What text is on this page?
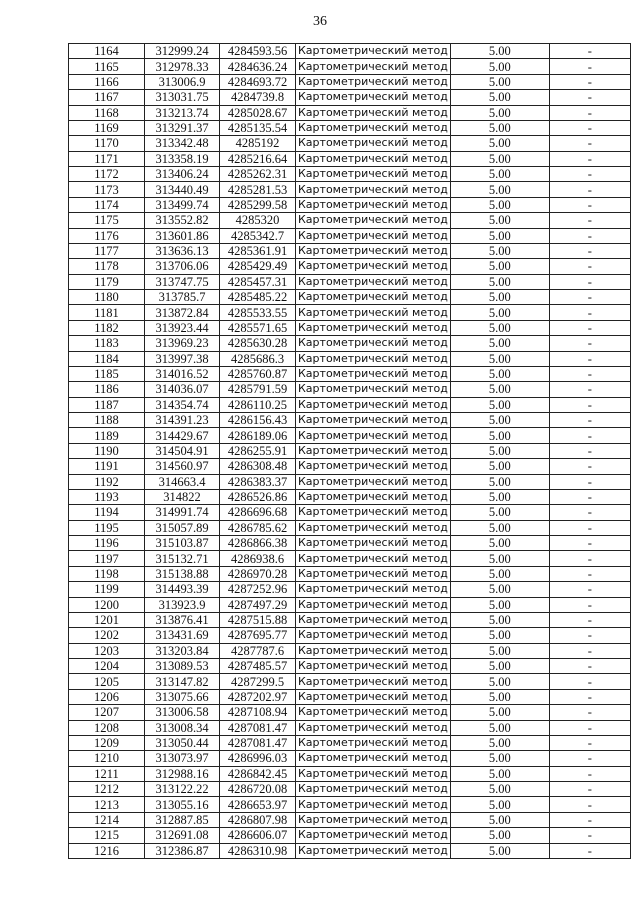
36
1164	312999.24	4284593.56	Картометрический метод	5.00	-
1165	312978.33	4284636.24	Картометрический метод	5.00	-
1166	313006.9	4284693.72	Картометрический метод	5.00	-
1167	313031.75	4284739.8	Картометрический метод	5.00	-
1168	313213.74	4285028.67	Картометрический метод	5.00	-
1169	313291.37	4285135.54	Картометрический метод	5.00	-
1170	313342.48	4285192	Картометрический метод	5.00	-
1171	313358.19	4285216.64	Картометрический метод	5.00	-
1172	313406.24	4285262.31	Картометрический метод	5.00	-
1173	313440.49	4285281.53	Картометрический метод	5.00	-
1174	313499.74	4285299.58	Картометрический метод	5.00	-
1175	313552.82	4285320	Картометрический метод	5.00	-
1176	313601.86	4285342.7	Картометрический метод	5.00	-
1177	313636.13	4285361.91	Картометрический метод	5.00	-
1178	313706.06	4285429.49	Картометрический метод	5.00	-
1179	313747.75	4285457.31	Картометрический метод	5.00	-
1180	313785.7	4285485.22	Картометрический метод	5.00	-
1181	313872.84	4285533.55	Картометрический метод	5.00	-
1182	313923.44	4285571.65	Картометрический метод	5.00	-
1183	313969.23	4285630.28	Картометрический метод	5.00	-
1184	313997.38	4285686.3	Картометрический метод	5.00	-
1185	314016.52	4285760.87	Картометрический метод	5.00	-
1186	314036.07	4285791.59	Картометрический метод	5.00	-
1187	314354.74	4286110.25	Картометрический метод	5.00	-
1188	314391.23	4286156.43	Картометрический метод	5.00	-
1189	314429.67	4286189.06	Картометрический метод	5.00	-
1190	314504.91	4286255.91	Картометрический метод	5.00	-
1191	314560.97	4286308.48	Картометрический метод	5.00	-
1192	314663.4	4286383.37	Картометрический метод	5.00	-
1193	314822	4286526.86	Картометрический метод	5.00	-
1194	314991.74	4286696.68	Картометрический метод	5.00	-
1195	315057.89	4286785.62	Картометрический метод	5.00	-
1196	315103.87	4286866.38	Картометрический метод	5.00	-
1197	315132.71	4286938.6	Картометрический метод	5.00	-
1198	315138.88	4286970.28	Картометрический метод	5.00	-
1199	314493.39	4287252.96	Картометрический метод	5.00	-
1200	313923.9	4287497.29	Картометрический метод	5.00	-
1201	313876.41	4287515.88	Картометрический метод	5.00	-
1202	313431.69	4287695.77	Картометрический метод	5.00	-
1203	313203.84	4287787.6	Картометрический метод	5.00	-
1204	313089.53	4287485.57	Картометрический метод	5.00	-
1205	313147.82	4287299.5	Картометрический метод	5.00	-
1206	313075.66	4287202.97	Картометрический метод	5.00	-
1207	313006.58	4287108.94	Картометрический метод	5.00	-
1208	313008.34	4287081.47	Картометрический метод	5.00	-
1209	313050.44	4287081.47	Картометрический метод	5.00	-
1210	313073.97	4286996.03	Картометрический метод	5.00	-
1211	312988.16	4286842.45	Картометрический метод	5.00	-
1212	313122.22	4286720.08	Картометрический метод	5.00	-
1213	313055.16	4286653.97	Картометрический метод	5.00	-
1214	312887.85	4286807.98	Картометрический метод	5.00	-
1215	312691.08	4286606.07	Картометрический метод	5.00	-
1216	312386.87	4286310.98	Картометрический метод	5.00	-
